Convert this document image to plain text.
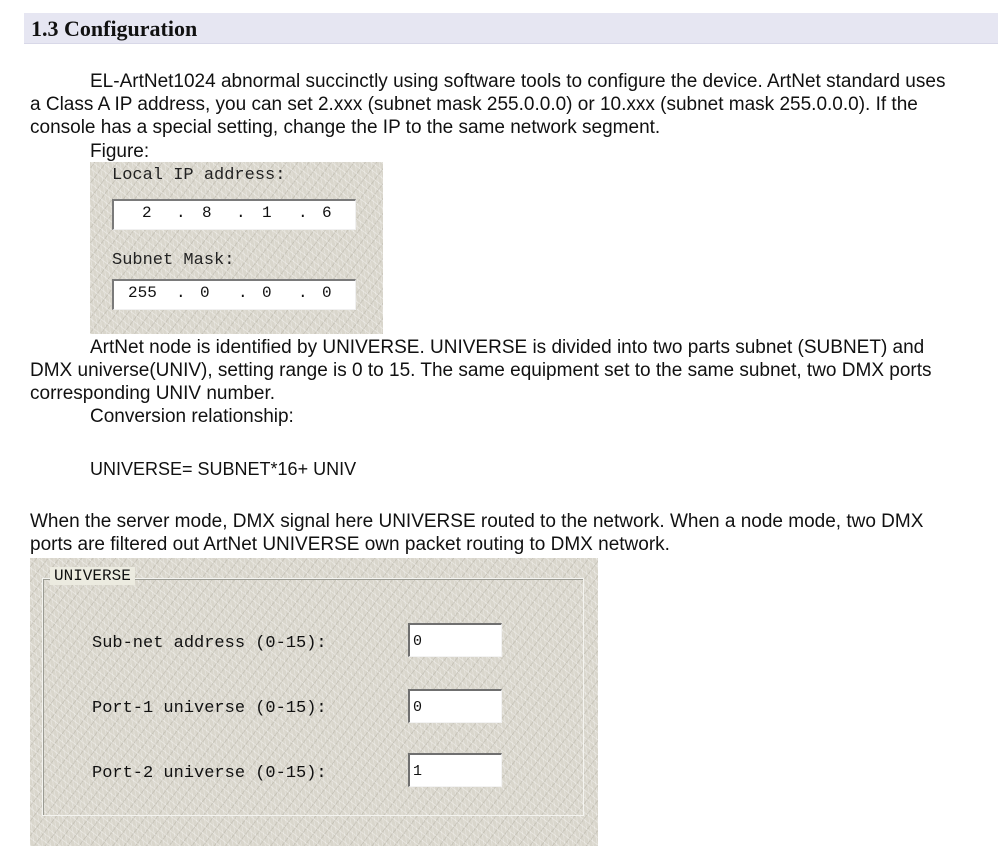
1.3 Configuration
EL-ArtNet1024 abnormal succinctly using software tools to configure the device. ArtNet standard uses
a Class A IP address, you can set 2.xxx (subnet mask 255.0.0.0) or 10.xxx (subnet mask 255.0.0.0). If the
console has a special setting, change the IP to the same network segment.
Figure:
Local IP address:
2 . 8 . 1 . 6
Subnet Mask:
255 . 0 . 0 . 0
ArtNet node is identified by UNIVERSE. UNIVERSE is divided into two parts subnet (SUBNET) and
DMX universe(UNIV), setting range is 0 to 15. The same equipment set to the same subnet, two DMX ports
corresponding UNIV number.
Conversion relationship:
UNIVERSE= SUBNET*16+ UNIV
When the server mode, DMX signal here UNIVERSE routed to the network. When a node mode, two DMX
ports are filtered out ArtNet UNIVERSE own packet routing to DMX network.
UNIVERSE
Sub-net address (0-15):
0
Port-1 universe (0-15):
0
Port-2 universe (0-15):
1
